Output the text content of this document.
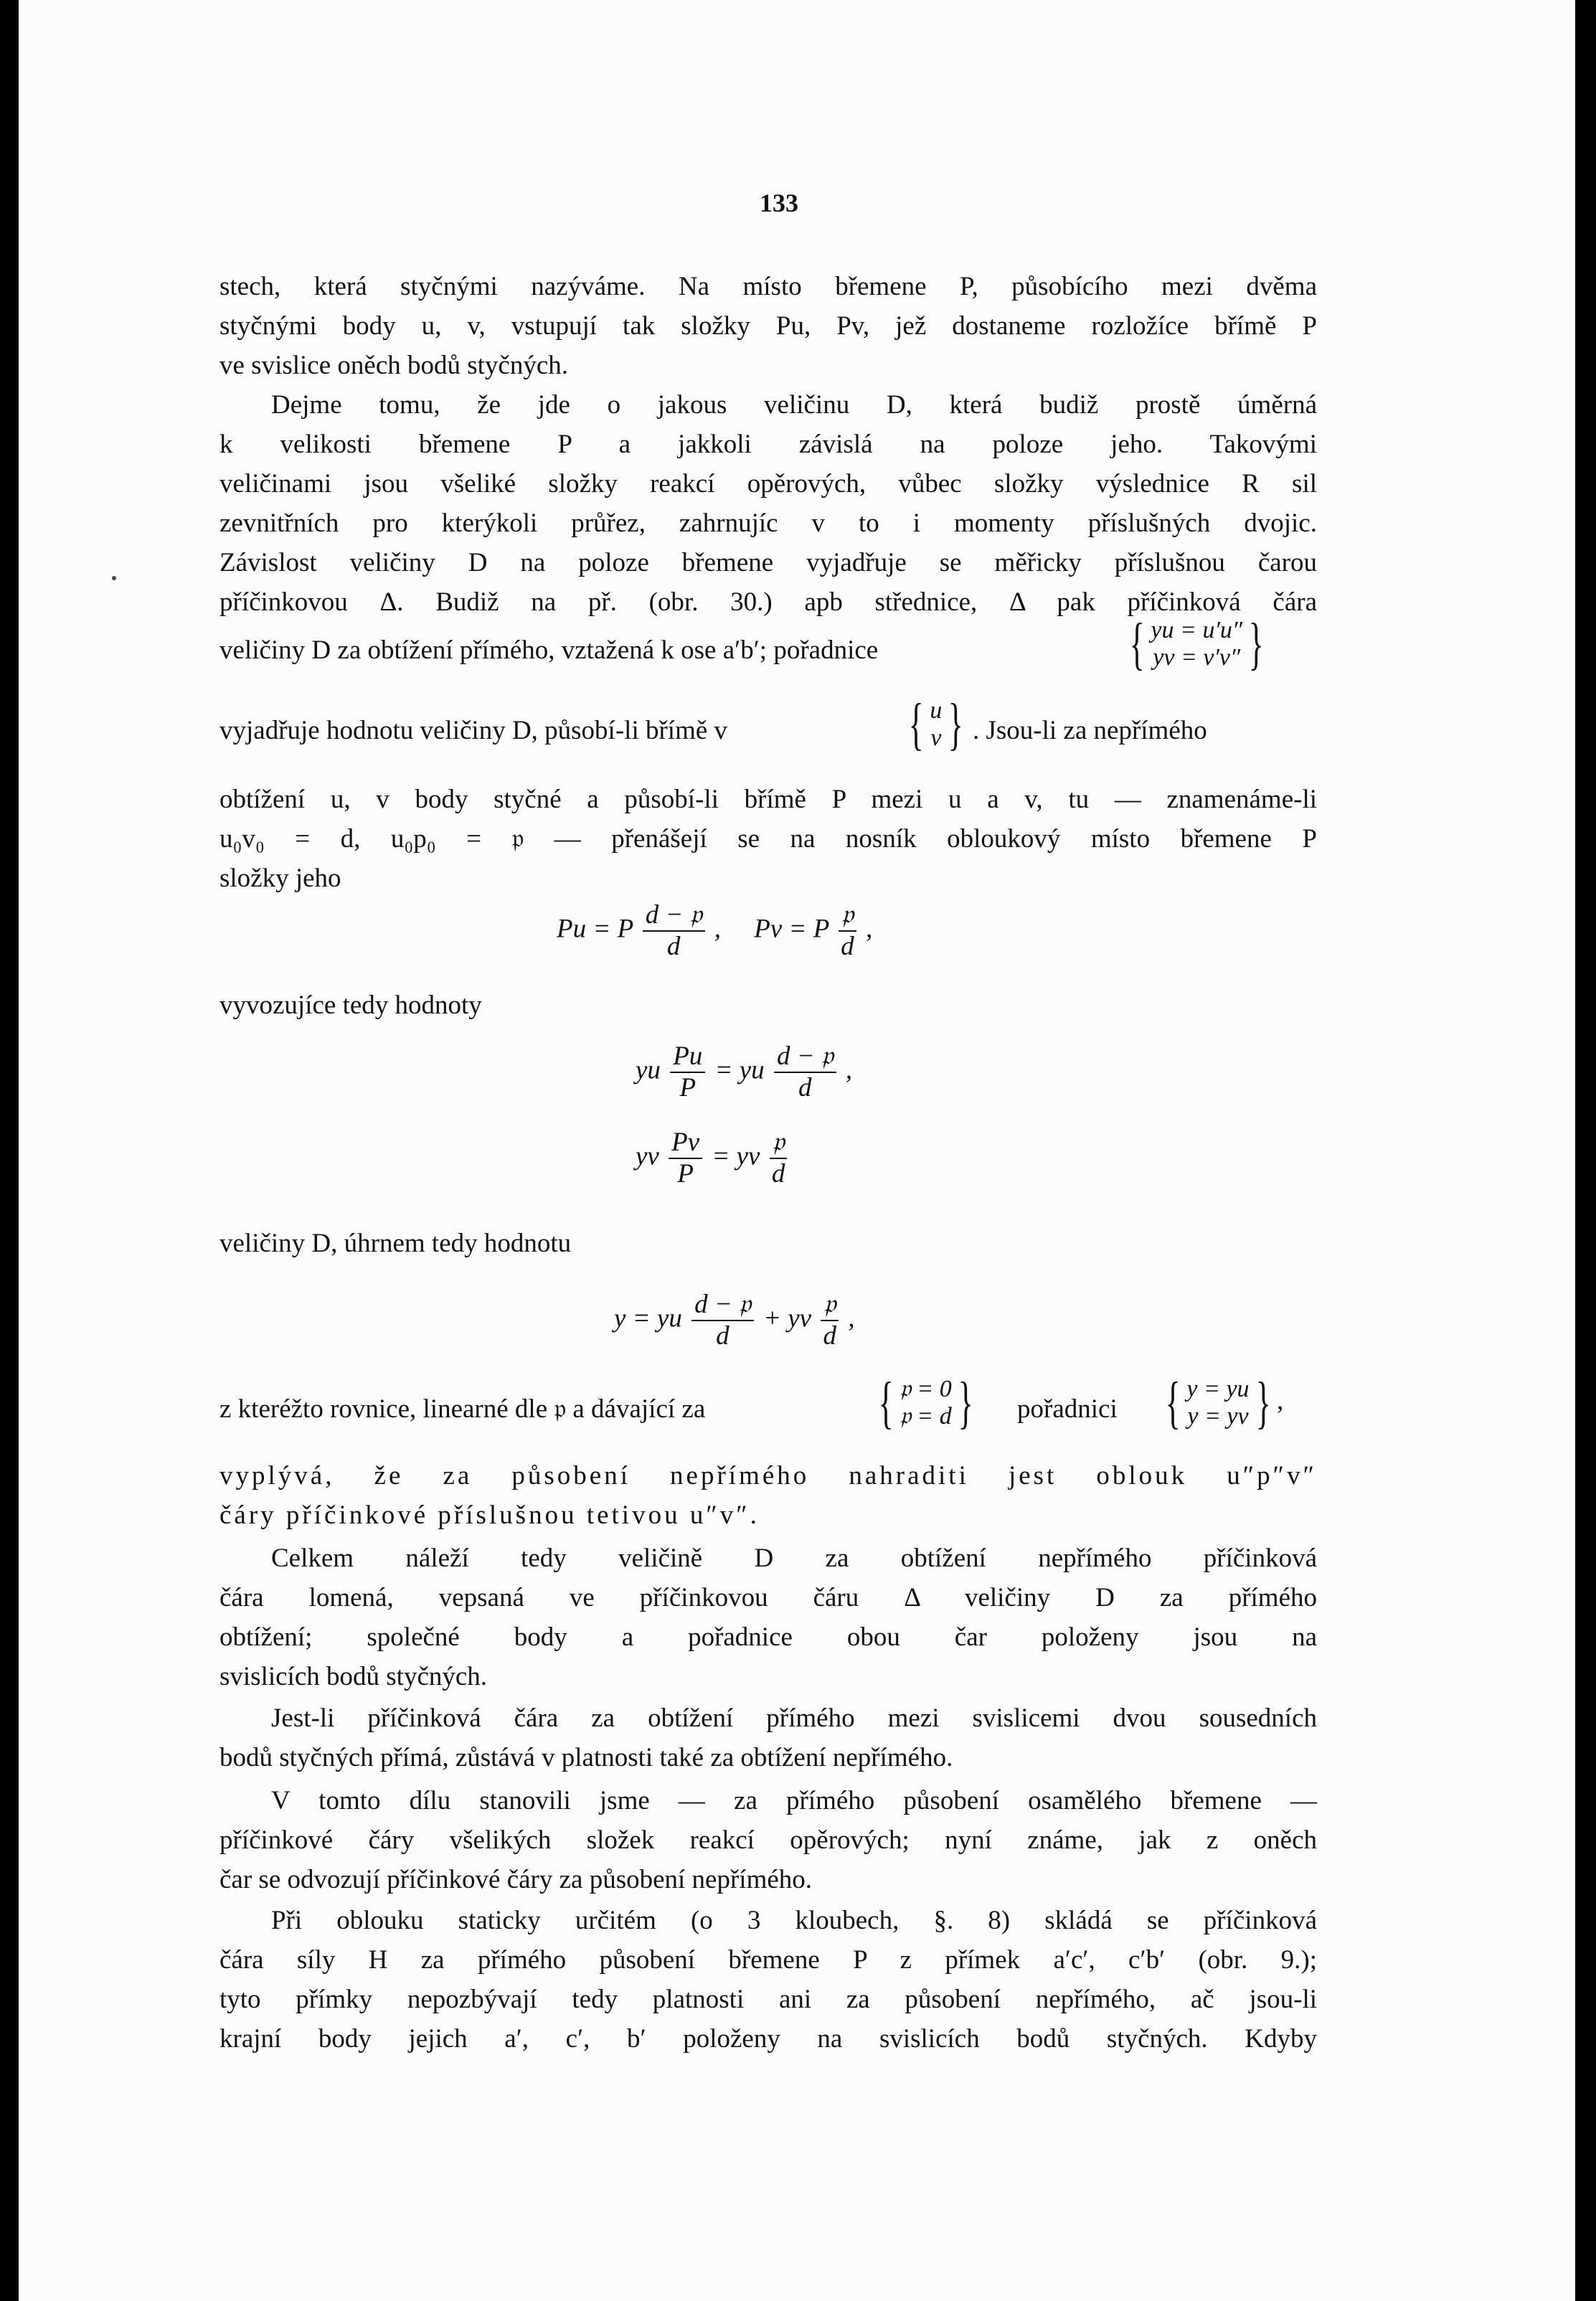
133
stech, která styčnými nazýváme. Na místo břemene P, působícího mezi dvěma
styčnými body u, v, vstupují tak složky Pu, Pv, jež dostaneme rozložíce břímě P
ve svislice oněch bodů styčných.
Dejme tomu, že jde o jakous veličinu D, která budiž prostě úměrná
k velikosti břemene P a jakkoli závislá na poloze jeho. Takovými
veličinami jsou všeliké složky reakcí opěrových, vůbec složky výslednice R sil
zevnitřních pro kterýkoli průřez, zahrnujíc v to i momenty příslušných dvojic.
Závislost veličiny D na poloze břemene vyjadřuje se měřicky příslušnou čarou
příčinkovou Δ. Budiž na př. (obr. 30.) apb střednice, Δ pak příčinková čára
veličiny D za obtížení přímého, vztažená k ose a′b′; pořadnice	{ yu = u′u″
yv = v′v″ }
vyjadřuje hodnotu veličiny D, působí-li břímě v	{ u
v } . Jsou-li za nepřímého
obtížení u, v body styčné a působí-li břímě P mezi u a v, tu — znamenáme-li
u₀v₀ = d, u₀p₀ = 𝔭 — přenášejí se na nosník obloukový místo břemene P
složky jeho
Pu = P $\frac{\text{d − 𝔭}}{d}$ ,     Pv = P $\frac{\text{𝔭}}{d}$ ,
vyvozujíce tedy hodnoty
yu $\frac{Pu}{P}$ = yu $\frac{\text{d − 𝔭}}{d}$ ,
yv $\frac{Pv}{P}$ = yv $\frac{\text{𝔭}}{d}$
veličiny D, úhrnem tedy hodnotu
y = yu $\frac{\text{d − 𝔭}}{d}$ + yv $\frac{\text{𝔭}}{d}$ ,
z kteréžto rovnice, linearné dle 𝔭 a dávající za	{ 𝔭 = 0
𝔭 = d } pořadnici { y = yu
y = yv } ,
vyplývá, že za působení nepřímého nahraditi jest oblouk u″p″v″
čáry příčinkové příslušnou tetivou u″v″.
Celkem náleží tedy veličině D za obtížení nepřímého příčinková
čára lomená, vepsaná ve příčinkovou čáru Δ veličiny D za přímého
obtížení; společné body a pořadnice obou čar položeny jsou na
svislicích bodů styčných.
Jest-li příčinková čára za obtížení přímého mezi svislicemi dvou sousedních
bodů styčných přímá, zůstává v platnosti také za obtížení nepřímého.
V tomto dílu stanovili jsme — za přímého působení osamělého břemene —
příčinkové čáry všelikých složek reakcí opěrových; nyní známe, jak z oněch
čar se odvozují příčinkové čáry za působení nepřímého.
Při oblouku staticky určitém (o 3 kloubech, §. 8) skládá se příčinková
čára síly H za přímého působení břemene P z přímek a′c′, c′b′ (obr. 9.);
tyto přímky nepozbývají tedy platnosti ani za působení nepřímého, ač jsou-li
krajní body jejich a′, c′, b′ položeny na svislicích bodů styčných. Kdyby
